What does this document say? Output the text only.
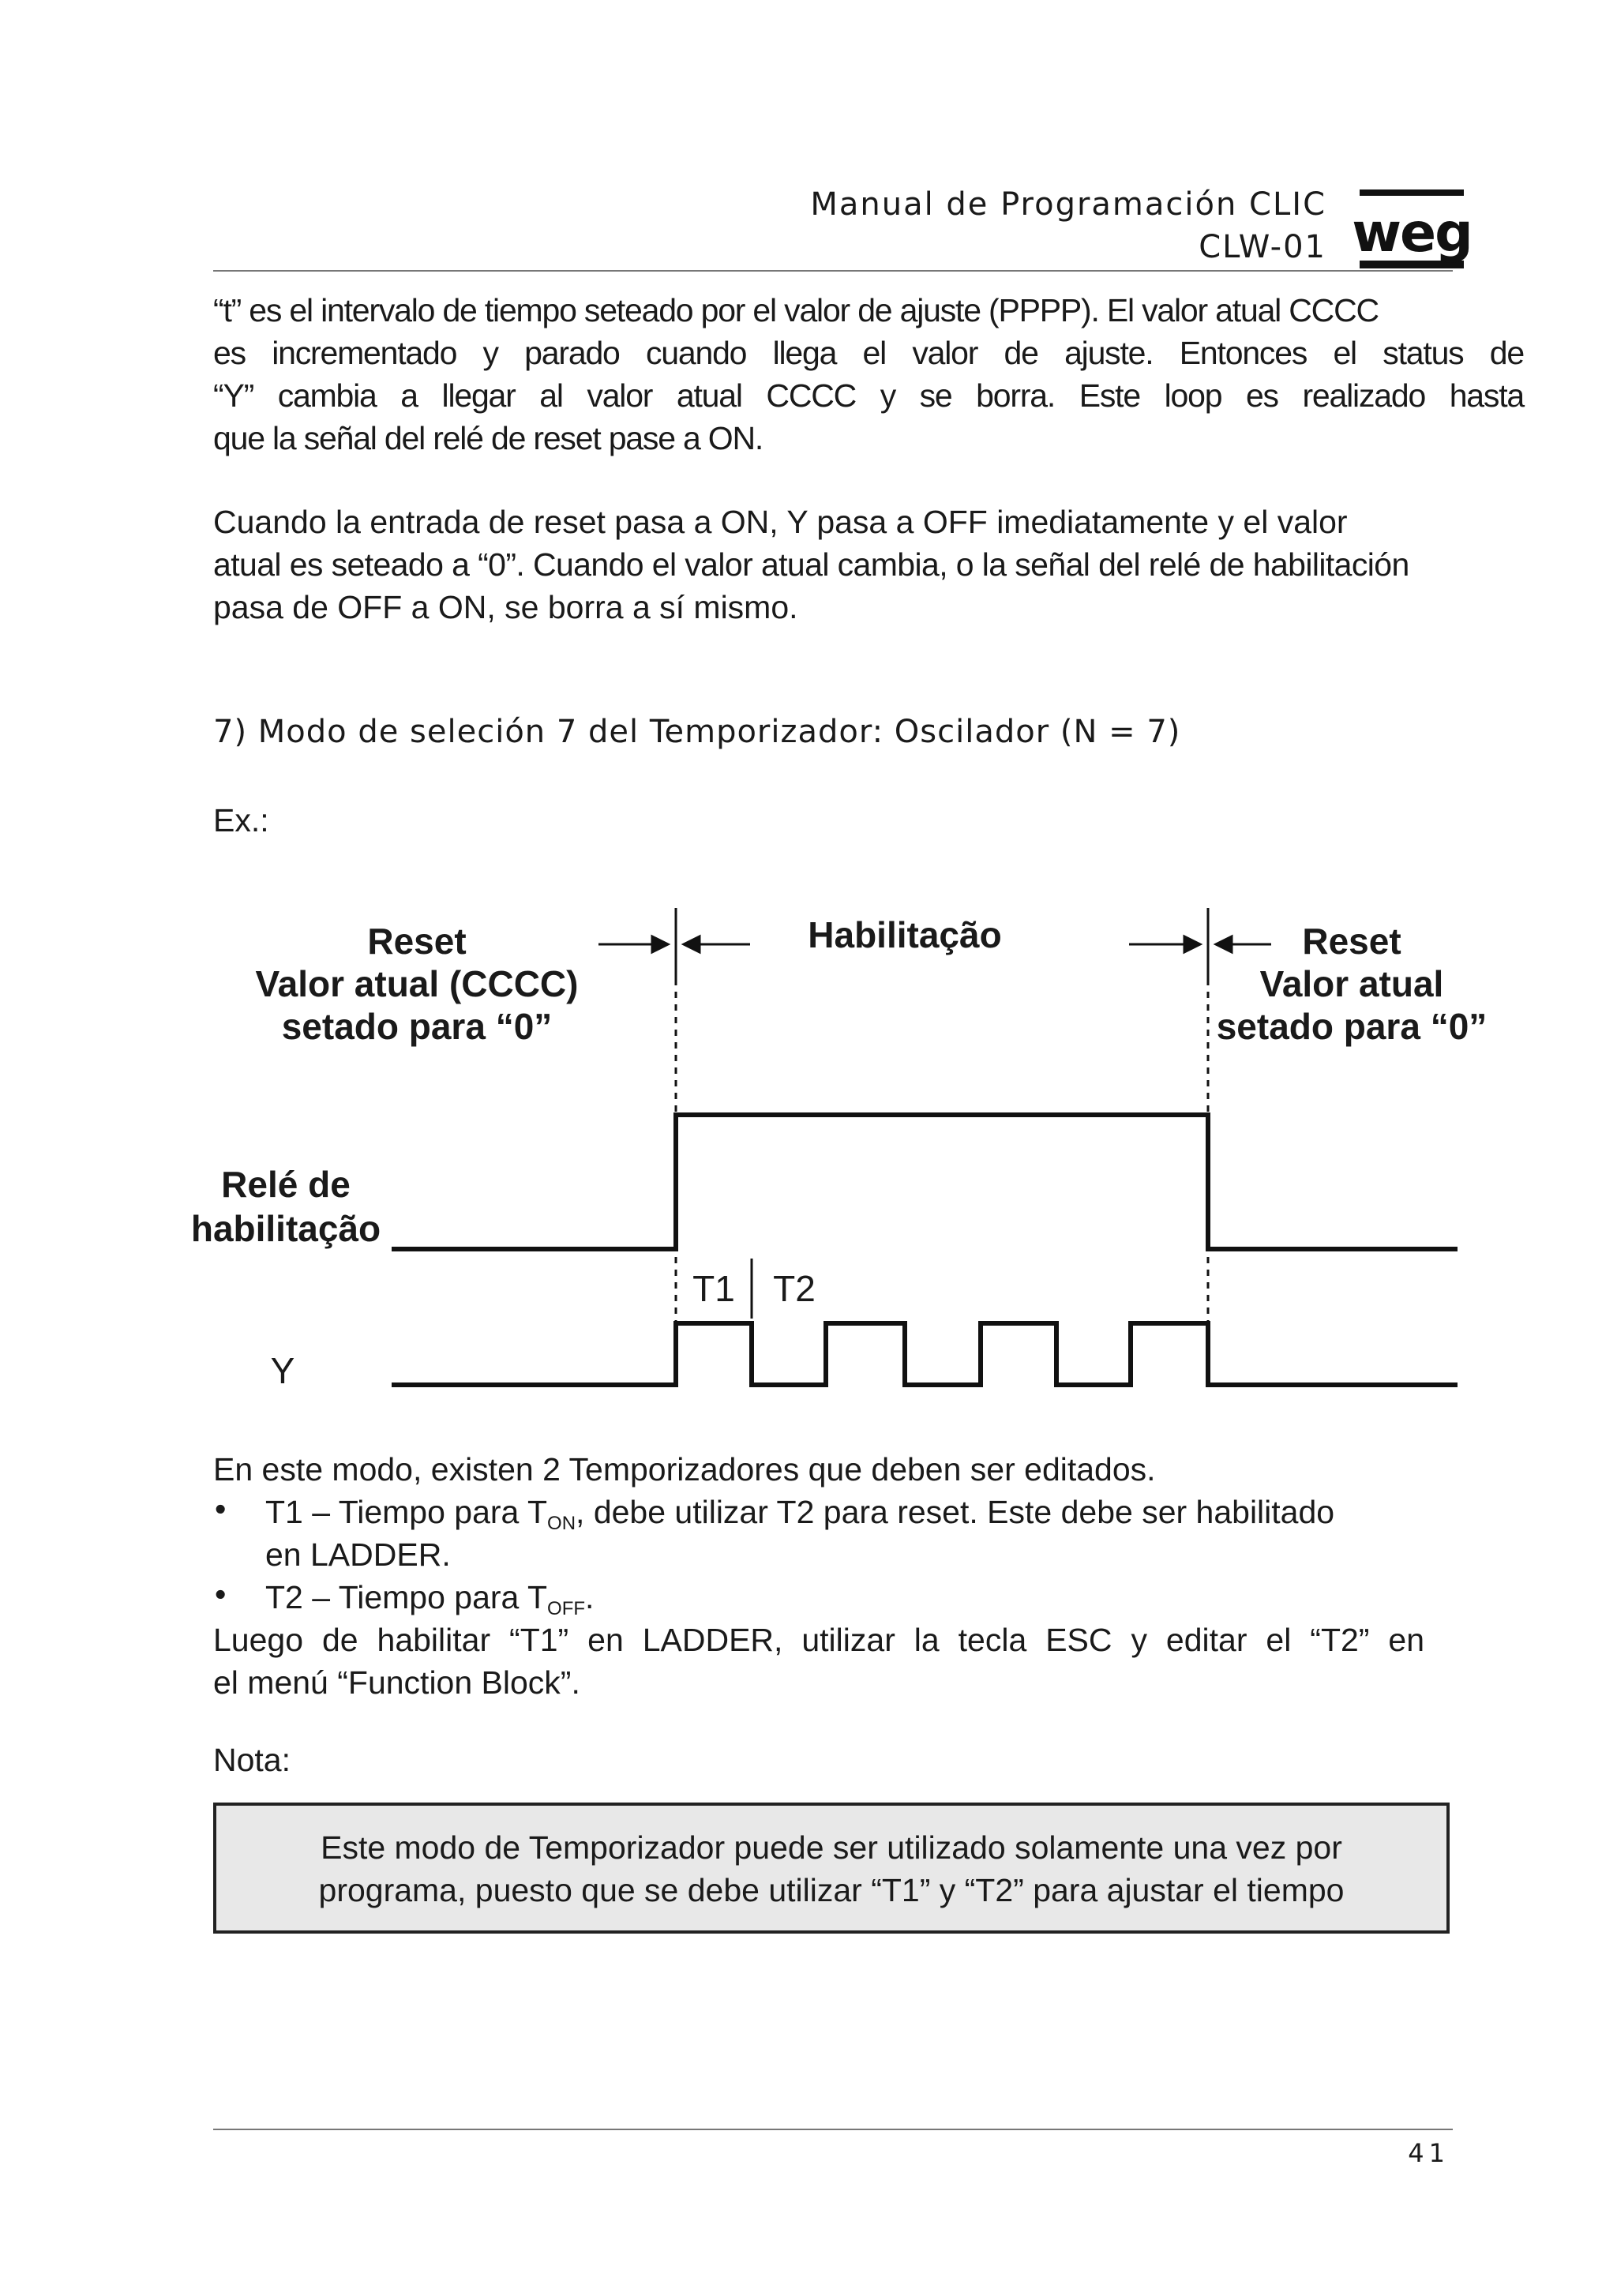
Manual de Programación CLIC
CLW-01 weg
“t” es el intervalo de tiempo seteado por el valor de ajuste (PPPP). El valor atual CCCC
es incrementado y parado cuando llega el valor de ajuste. Entonces el status de
“Y” cambia a llegar al valor atual CCCC y se borra. Este loop es realizado hasta
que la señal del relé de reset pase a ON.
Cuando la entrada de reset pasa a ON, Y pasa a OFF imediatamente y el valor
atual es seteado a “0”. Cuando el valor atual cambia, o la señal del relé de habilitación
pasa de OFF a ON, se borra a sí mismo.
7) Modo de seleción 7 del Temporizador: Oscilador (N = 7)
Ex.:
Reset
Valor atual (CCCC)
setado para “0”
Habilitação	Reset
Valor atual
setado para “0”
Relé de
habilitação
T1 T2
Y
En este modo, existen 2 Temporizadores que deben ser editados.
• T1 – Tiempo para $T_{ON}$, debe utilizar T2 para reset. Este debe ser habilitado
en LADDER.
• T2 – Tiempo para $T_{OFF}$.
Luego de habilitar “T1” en LADDER, utilizar la tecla ESC y editar el “T2” en
el menú “Function Block”.
Nota:
Este modo de Temporizador puede ser utilizado solamente una vez por
programa, puesto que se debe utilizar “T1” y “T2” para ajustar el tiempo
41
